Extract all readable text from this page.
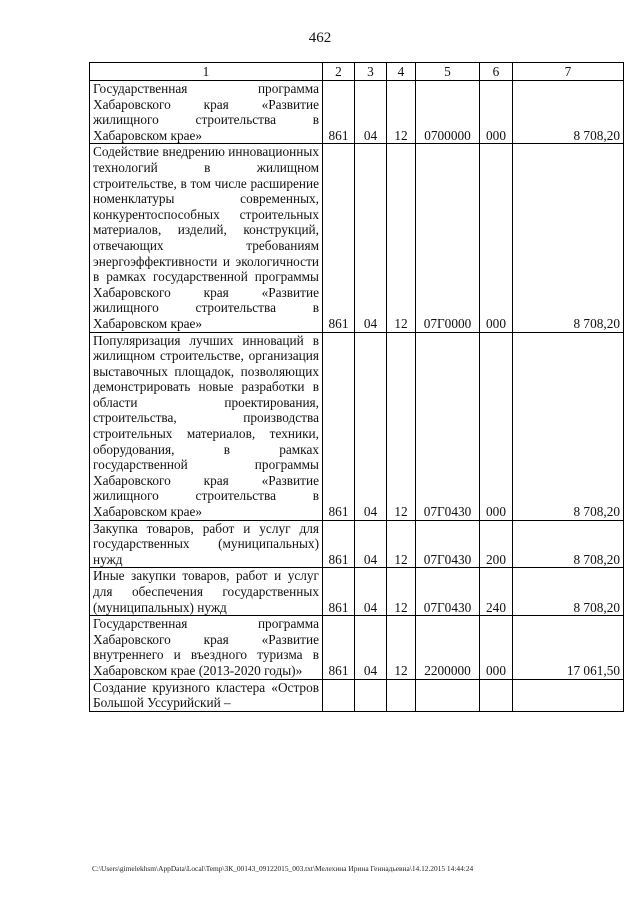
462
1	2	3	4	5	6	7
Государственная программа Хабаровского края «Развитие жилищного строительства в Хабаровском крае»	861	04	12	0700000	000	8 708,20
Содействие внедрению инновационных технологий в жилищном строительстве, в том числе расширение номенклатуры современных, конкурентоспособных строительных материалов, изделий, конструкций, отвечающих требованиям энергоэффективности и экологичности в рамках государственной программы Хабаровского края «Развитие жилищного строительства в Хабаровском крае»	861	04	12	07Г0000	000	8 708,20
Популяризация лучших инноваций в жилищном строительстве, организация выставочных площадок, позволяющих демонстрировать новые разработки в области проектирования, строительства, производства строительных материалов, техники, оборудования, в рамках государственной программы Хабаровского края «Развитие жилищного строительства в Хабаровском крае»	861	04	12	07Г0430	000	8 708,20
Закупка товаров, работ и услуг для государственных (муниципальных) нужд	861	04	12	07Г0430	200	8 708,20
Иные закупки товаров, работ и услуг для обеспечения государственных (муниципальных) нужд	861	04	12	07Г0430	240	8 708,20
Государственная программа Хабаровского края «Развитие внутреннего и въездного туризма в Хабаровском крае (2013-2020 годы)»	861	04	12	2200000	000	17 061,50
Создание круизного кластера «Остров Большой Уссурийский –						
C:\Users\gimelekhsm\AppData\Local\Temp\ЗК_00143_09122015_003.txt\Мелехина Ирина Геннадьевна\14.12.2015 14:44:24
